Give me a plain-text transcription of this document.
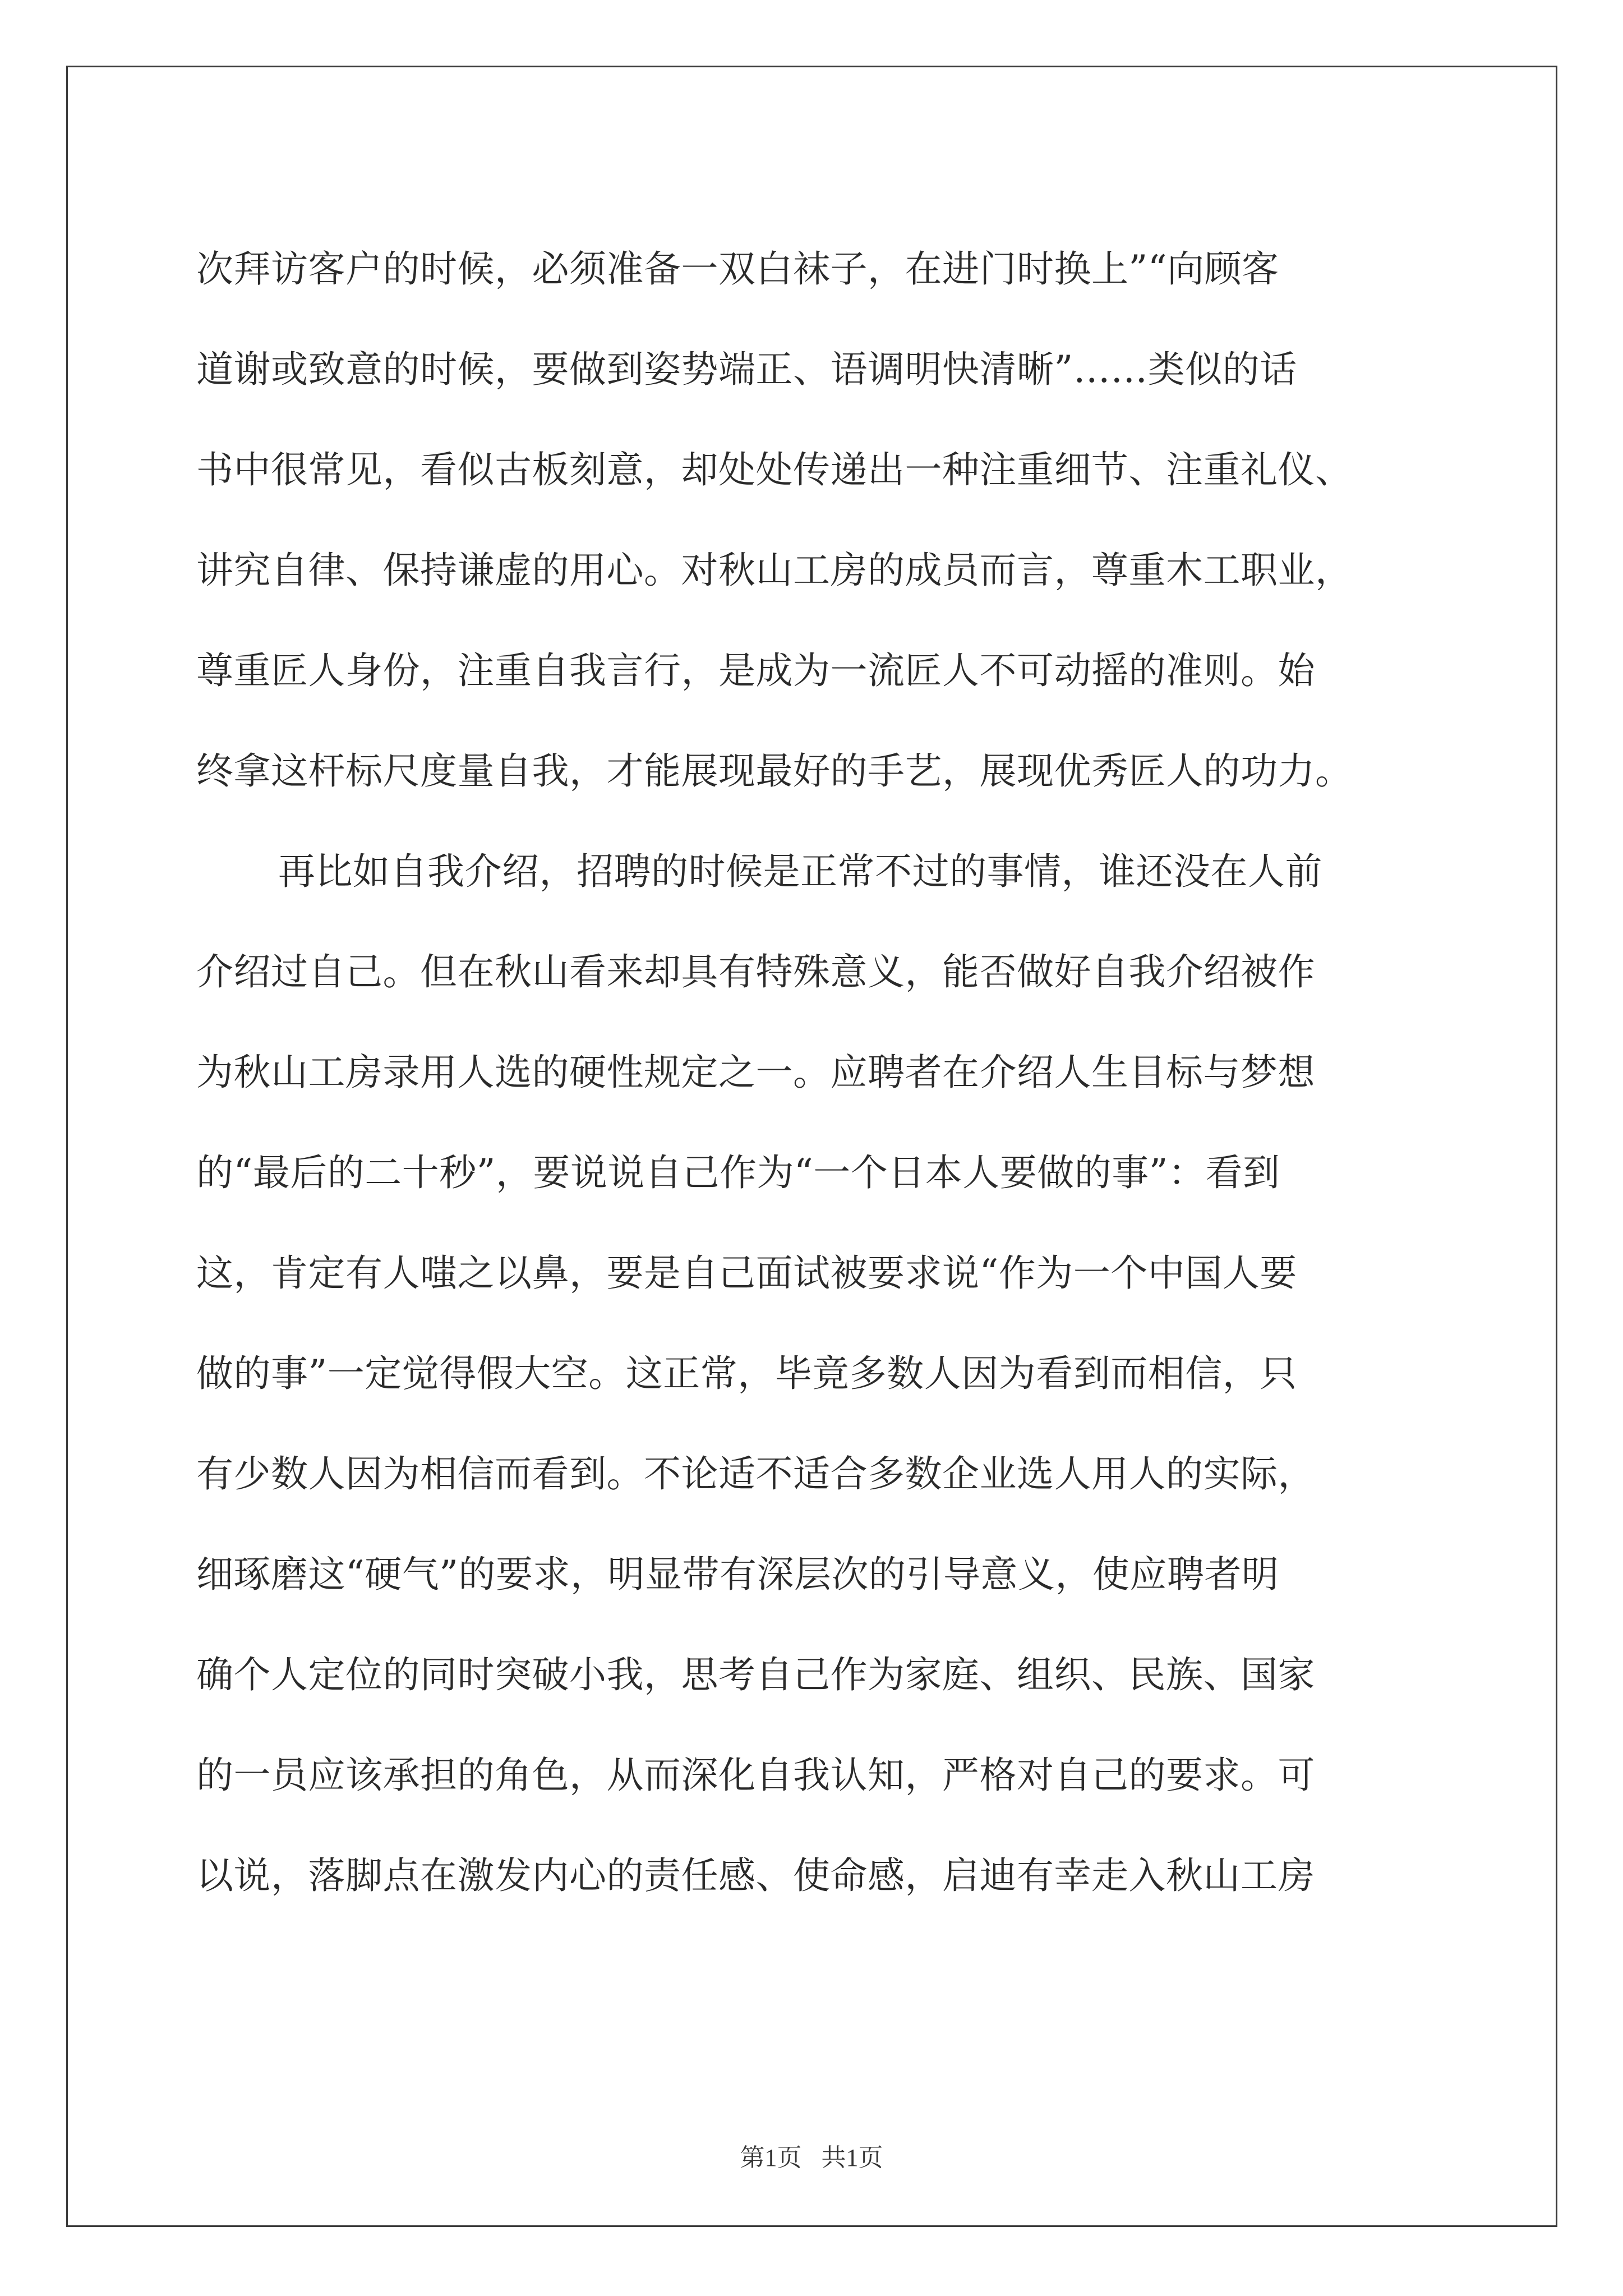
次拜访客户的时候，必须准备一双白袜子，在进门时换上”“向顾客
道谢或致意的时候，要做到姿势端正、语调明快清晰”……类似的话
书中很常见，看似古板刻意，却处处传递出一种注重细节、注重礼仪、
讲究自律、保持谦虚的用心。对秋山工房的成员而言，尊重木工职业，
尊重匠人身份，注重自我言行，是成为一流匠人不可动摇的准则。始
终拿这杆标尺度量自我，才能展现最好的手艺，展现优秀匠人的功力。
再比如自我介绍，招聘的时候是正常不过的事情，谁还没在人前
介绍过自己。但在秋山看来却具有特殊意义，能否做好自我介绍被作
为秋山工房录用人选的硬性规定之一。应聘者在介绍人生目标与梦想
的“最后的二十秒”，要说说自己作为“一个日本人要做的事”：看到
这，肯定有人嗤之以鼻，要是自己面试被要求说“作为一个中国人要
做的事”一定觉得假大空。这正常，毕竟多数人因为看到而相信，只
有少数人因为相信而看到。不论适不适合多数企业选人用人的实际，
细琢磨这“硬气”的要求，明显带有深层次的引导意义，使应聘者明
确个人定位的同时突破小我，思考自己作为家庭、组织、民族、国家
的一员应该承担的角色，从而深化自我认知，严格对自己的要求。可
以说，落脚点在激发内心的责任感、使命感，启迪有幸走入秋山工房
第1页 共1页
